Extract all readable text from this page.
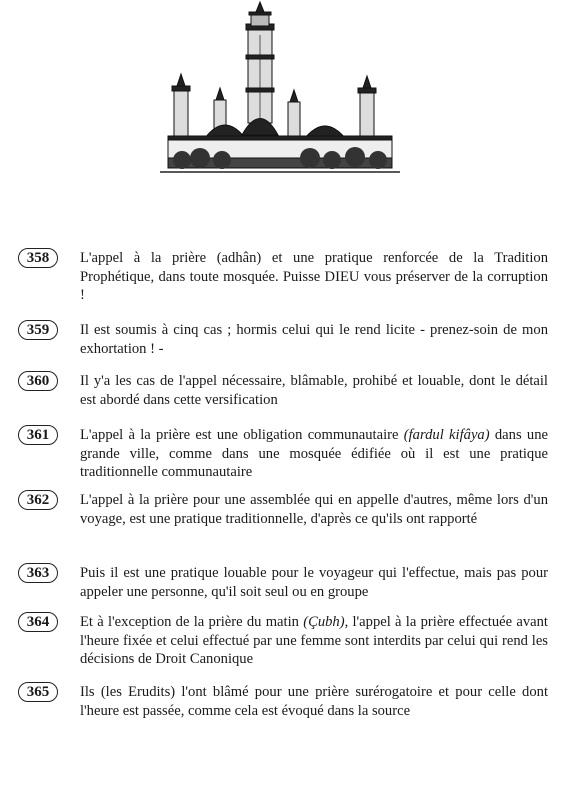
358	L'appel à la prière (adhân) et une pratique renforcée de la Tradition Prophétique, dans toute mosquée. Puisse DIEU vous préserver de la corruption !
359	Il est soumis à cinq cas ; hormis celui qui le rend licite - prenez-soin de mon exhortation ! -
360	Il y'a les cas de l'appel nécessaire, blâmable, prohibé et louable, dont le détail est abordé dans cette versification
361	L'appel à la prière est une obligation communautaire (fardul kifâya) dans une grande ville, comme dans une mosquée édifiée où il est une pratique traditionnelle communautaire
362	L'appel à la prière pour une assemblée qui en appelle d'autres, même lors d'un voyage, est une pratique traditionnelle, d'après ce qu'ils ont rapporté
363	Puis il est une pratique louable pour le voyageur qui l'effectue, mais pas pour appeler une personne, qu'il soit seul ou en groupe
364	Et à l'exception de la prière du matin (Çubh), l'appel à la prière effectuée avant l'heure fixée et celui effectué par une femme sont interdits par celui qui rend les décisions de Droit Canonique
365	Ils (les Erudits) l'ont blâmé pour une prière surérogatoire et pour celle dont l'heure est passée, comme cela est évoqué dans la source
